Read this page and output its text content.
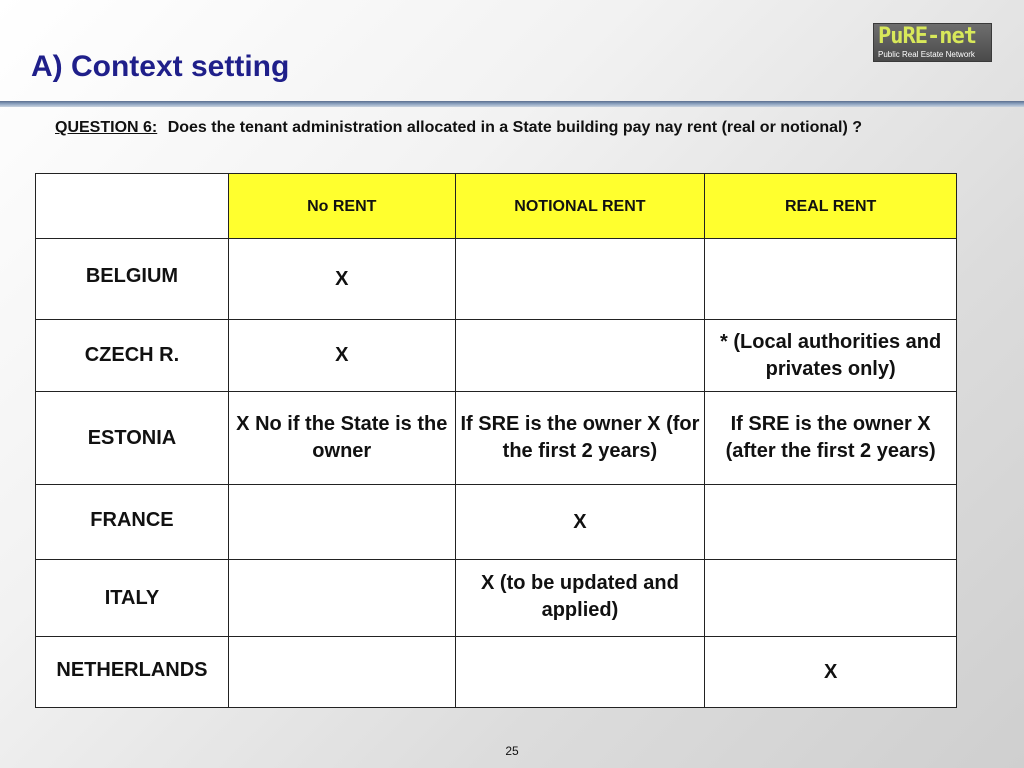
A) Context setting
PuRE-net
Public Real Estate Network
QUESTION 6: Does the tenant administration allocated in a State building pay nay rent (real or notional) ?
	No RENT	NOTIONAL RENT	REAL RENT
BELGIUM	X		
CZECH R.	X		* (Local authorities and privates only)
ESTONIA	X No if the State is the owner	If SRE is the owner X (for the first 2 years)	If SRE is the owner X (after the first 2 years)
FRANCE		X	
ITALY		X (to be updated and applied)	
NETHERLANDS			X
25
